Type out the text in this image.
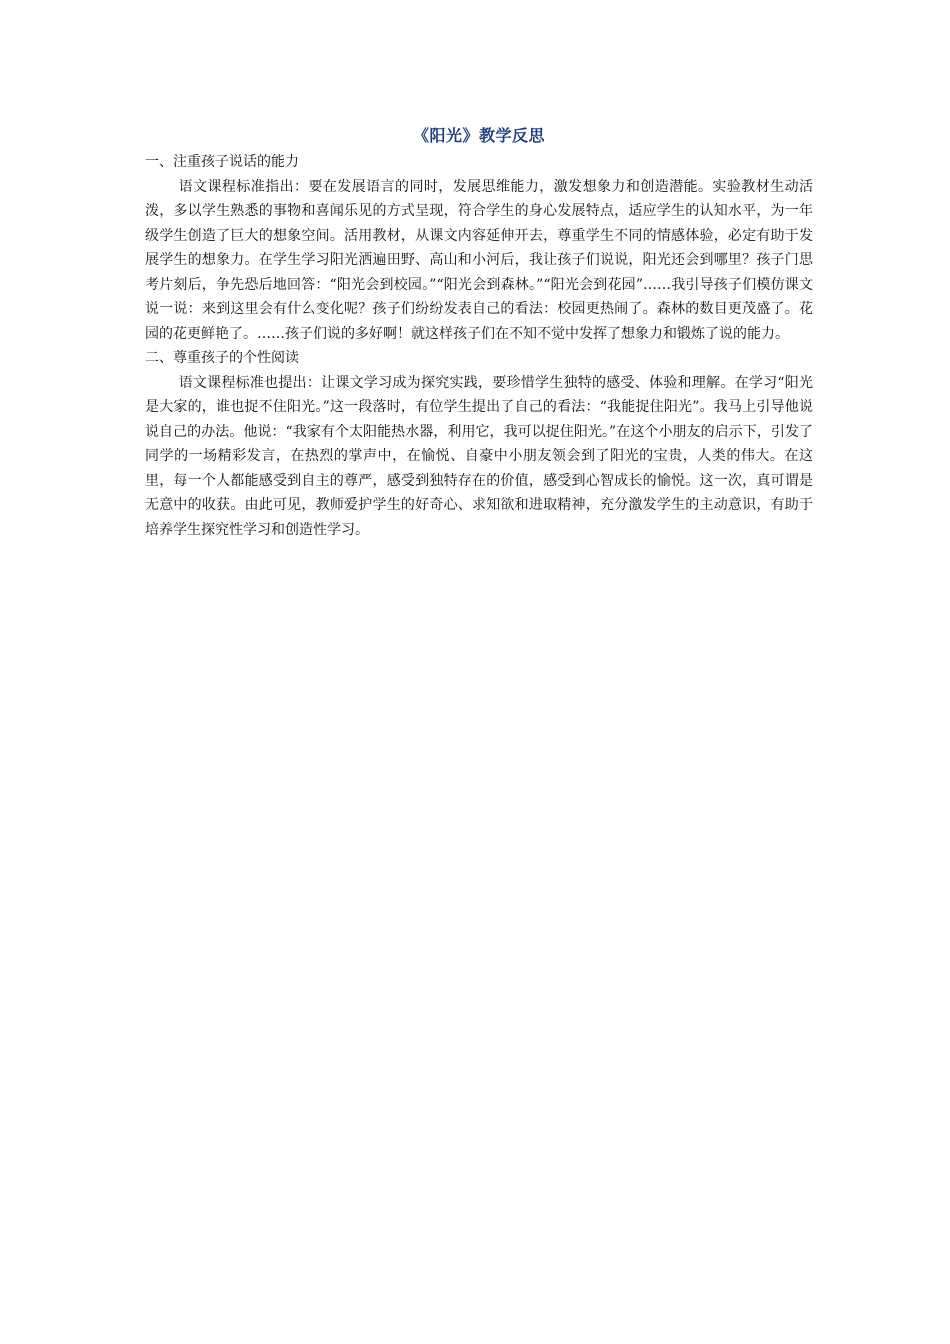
《阳光》教学反思
一、注重孩子说话的能力
语文课程标准指出：要在发展语言的同时，发展思维能力，激发想象力和创造潜能。实验教材生动活泼，多以学生熟悉的事物和喜闻乐见的方式呈现，符合学生的身心发展特点，适应学生的认知水平，为一年级学生创造了巨大的想象空间。活用教材，从课文内容延伸开去，尊重学生不同的情感体验，必定有助于发展学生的想象力。在学生学习阳光洒遍田野、高山和小河后，我让孩子们说说，阳光还会到哪里？孩子门思考片刻后，争先恐后地回答：“阳光会到校园。”“阳光会到森林。”“阳光会到花园”……我引导孩子们模仿课文说一说：来到这里会有什么变化呢？孩子们纷纷发表自己的看法：校园更热闹了。森林的数目更茂盛了。花园的花更鲜艳了。……孩子们说的多好啊！就这样孩子们在不知不觉中发挥了想象力和锻炼了说的能力。
二、尊重孩子的个性阅读
语文课程标准也提出：让课文学习成为探究实践，要珍惜学生独特的感受、体验和理解。在学习“阳光是大家的，谁也捉不住阳光。”这一段落时，有位学生提出了自己的看法：“我能捉住阳光”。我马上引导他说说自己的办法。他说：“我家有个太阳能热水器，利用它，我可以捉住阳光。”在这个小朋友的启示下，引发了同学的一场精彩发言，在热烈的掌声中，在愉悦、自豪中小朋友领会到了阳光的宝贵，人类的伟大。在这里，每一个人都能感受到自主的尊严，感受到独特存在的价值，感受到心智成长的愉悦。这一次，真可谓是无意中的收获。由此可见，教师爱护学生的好奇心、求知欲和进取精神，充分激发学生的主动意识，有助于培养学生探究性学习和创造性学习。
